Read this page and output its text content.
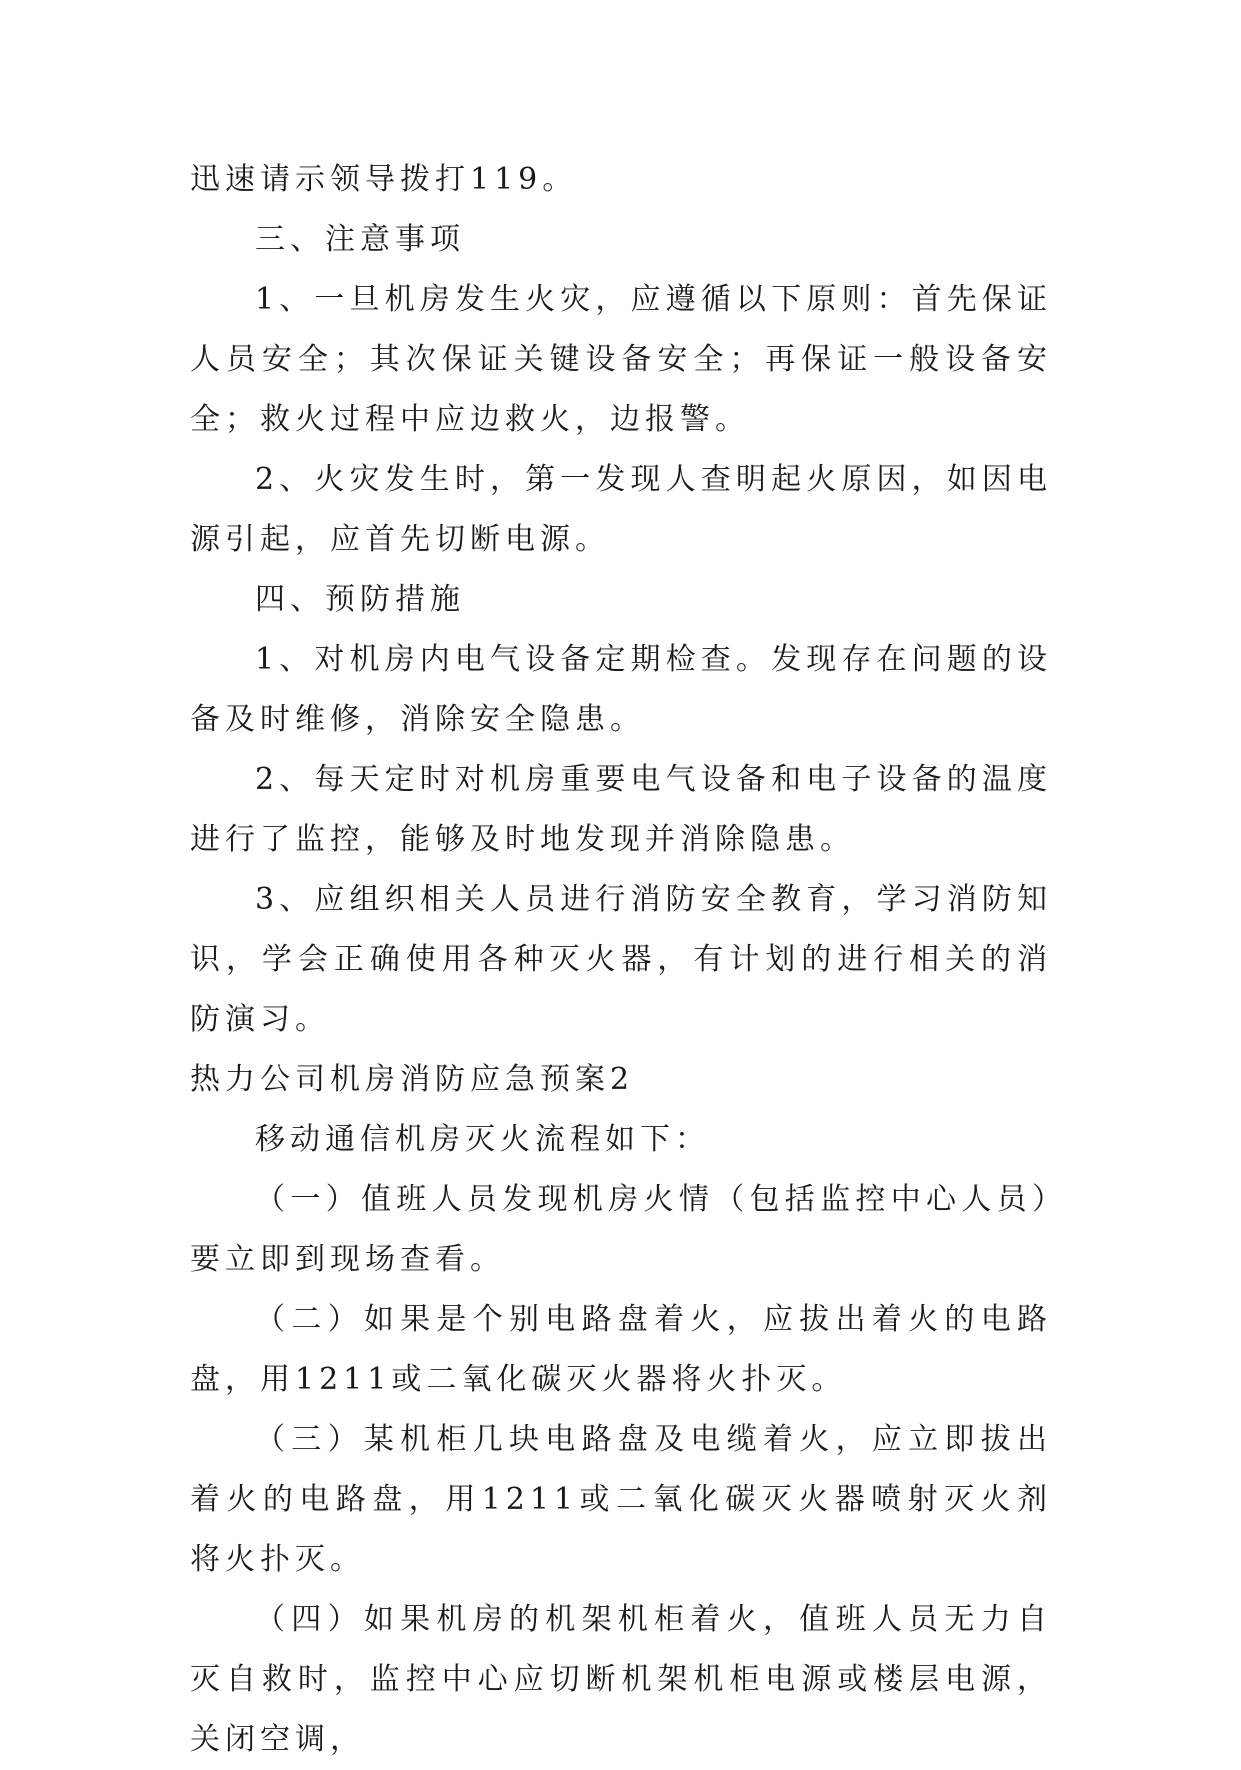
迅速请示领导拨打119。

三、注意事项

1、一旦机房发生火灾，应遵循以下原则：首先保证人员安全；其次保证关键设备安全；再保证一般设备安全；救火过程中应边救火，边报警。

2、火灾发生时，第一发现人查明起火原因，如因电源引起，应首先切断电源。

四、预防措施

1、对机房内电气设备定期检查。发现存在问题的设备及时维修，消除安全隐患。

2、每天定时对机房重要电气设备和电子设备的温度进行了监控，能够及时地发现并消除隐患。

3、应组织相关人员进行消防安全教育，学习消防知识，学会正确使用各种灭火器，有计划的进行相关的消防演习。

热力公司机房消防应急预案2

移动通信机房灭火流程如下：

（一）值班人员发现机房火情（包括监控中心人员）要立即到现场查看。

（二）如果是个别电路盘着火，应拔出着火的电路盘，用1211或二氧化碳灭火器将火扑灭。

（三）某机柜几块电路盘及电缆着火，应立即拔出着火的电路盘，用1211或二氧化碳灭火器喷射灭火剂将火扑灭。

（四）如果机房的机架机柜着火，值班人员无力自灭自救时，监控中心应切断机架机柜电源或楼层电源，关闭空调，
